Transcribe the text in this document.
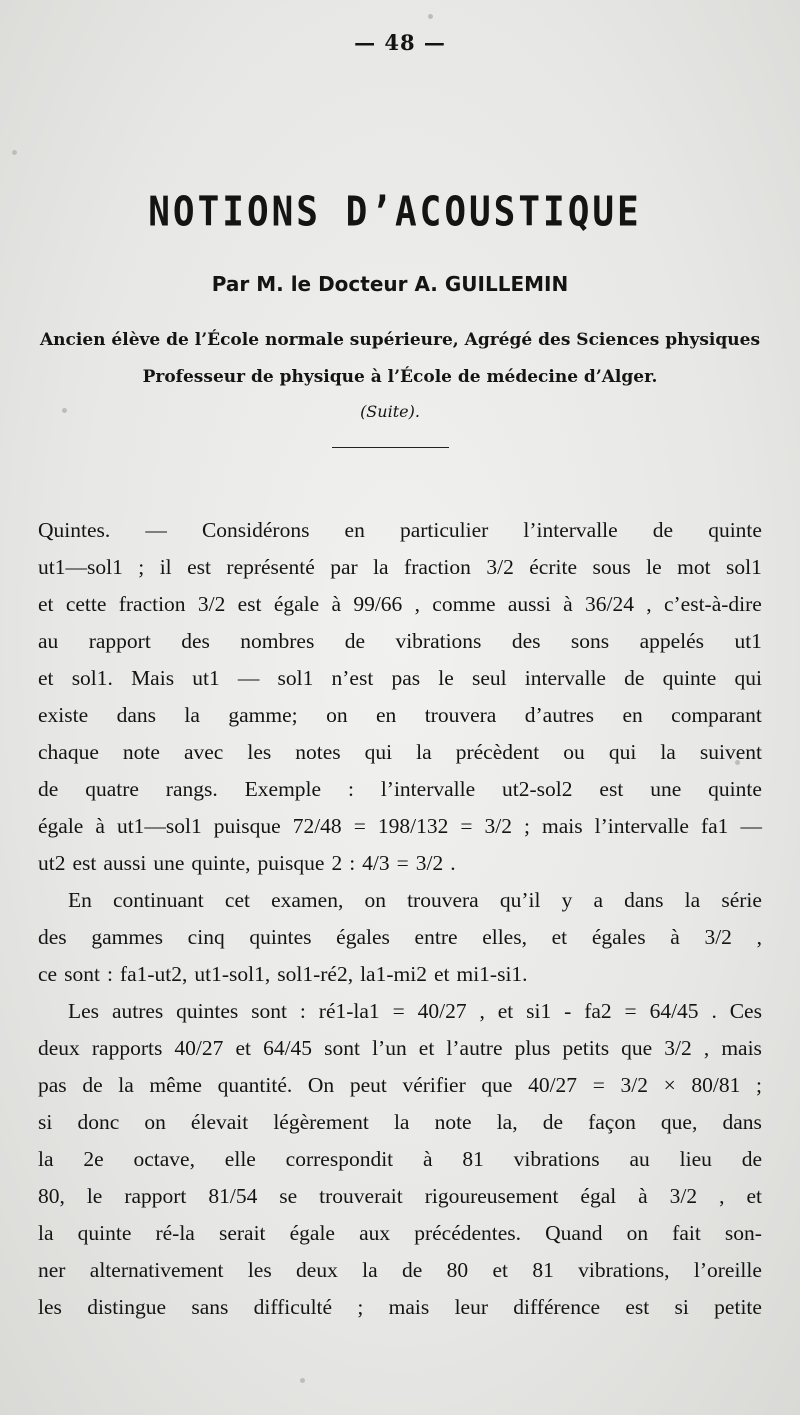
— 48 —
NOTIONS D’ACOUSTIQUE
Par M. le Docteur A. GUILLEMIN
Ancien élève de l’École normale supérieure, Agrégé des Sciences physiques
Professeur de physique à l’École de médecine d’Alger.
(Suite).
Quintes. — Considérons en particulier l’intervalle de quinte
ut1—sol1 ; il est représenté par la fraction 3/2 écrite sous le mot sol1
et cette fraction 3/2 est égale à 99/66 , comme aussi à 36/24 , c’est-à-dire
au rapport des nombres de vibrations des sons appelés ut1
et sol1. Mais ut1 — sol1 n’est pas le seul intervalle de quinte qui
existe dans la gamme; on en trouvera d’autres en comparant
chaque note avec les notes qui la précèdent ou qui la suivent
de quatre rangs. Exemple : l’intervalle ut2-sol2 est une quinte
égale à ut1—sol1 puisque 72/48 = 198/132 = 3/2 ; mais l’intervalle fa1 —
ut2 est aussi une quinte, puisque 2 : 4/3 = 3/2 .
En continuant cet examen, on trouvera qu’il y a dans la série
des gammes cinq quintes égales entre elles, et égales à 3/2 ,
ce sont : fa1-ut2, ut1-sol1, sol1-ré2, la1-mi2 et mi1-si1.
Les autres quintes sont : ré1-la1 = 40/27 , et si1 - fa2 = 64/45 . Ces
deux rapports 40/27 et 64/45 sont l’un et l’autre plus petits que 3/2 , mais
pas de la même quantité. On peut vérifier que 40/27 = 3/2 × 80/81 ;
si donc on élevait légèrement la note la, de façon que, dans
la 2e octave, elle correspondit à 81 vibrations au lieu de
80, le rapport 81/54 se trouverait rigoureusement égal à 3/2 , et
la quinte ré-la serait égale aux précédentes. Quand on fait son-
ner alternativement les deux la de 80 et 81 vibrations, l’oreille
les distingue sans difficulté ; mais leur différence est si petite
